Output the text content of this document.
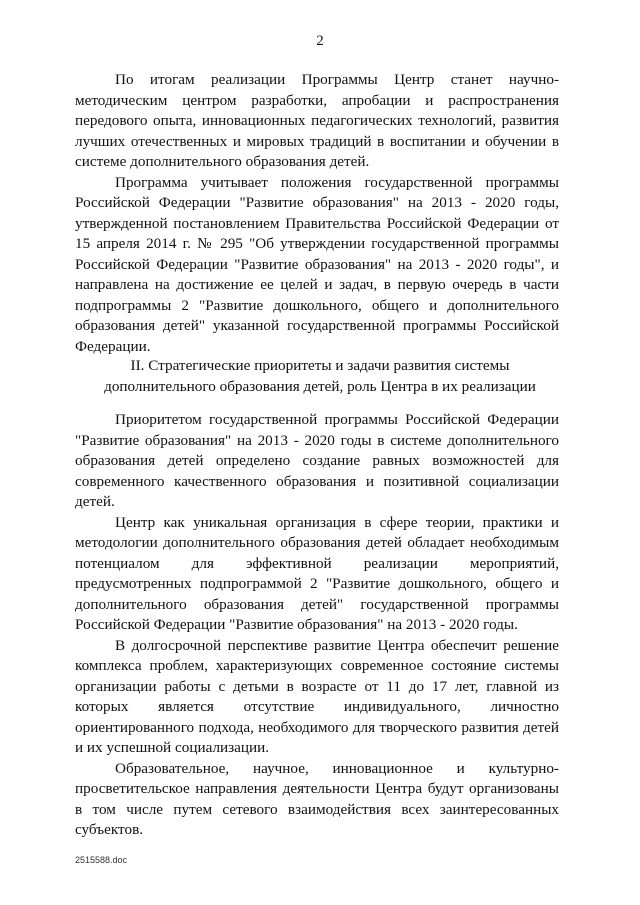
2

По итогам реализации Программы Центр станет научно-методическим центром разработки, апробации и распространения передового опыта, инновационных педагогических технологий, развития лучших отечественных и мировых традиций в воспитании и обучении в системе дополнительного образования детей.

Программа учитывает положения государственной программы Российской Федерации "Развитие образования" на 2013 - 2020 годы, утвержденной постановлением Правительства Российской Федерации от 15 апреля 2014 г. № 295 "Об утверждении государственной программы Российской Федерации "Развитие образования" на 2013 - 2020 годы", и направлена на достижение ее целей и задач, в первую очередь в части подпрограммы 2 "Развитие дошкольного, общего и дополнительного образования детей" указанной государственной программы Российской Федерации.

II. Стратегические приоритеты и задачи развития системы
дополнительного образования детей, роль Центра в их реализации

Приоритетом государственной программы Российской Федерации "Развитие образования" на 2013 - 2020 годы в системе дополнительного образования детей определено создание равных возможностей для современного качественного образования и позитивной социализации детей.

Центр как уникальная организация в сфере теории, практики и методологии дополнительного образования детей обладает необходимым потенциалом для эффективной реализации мероприятий, предусмотренных подпрограммой 2 "Развитие дошкольного, общего и дополнительного образования детей" государственной программы Российской Федерации "Развитие образования" на 2013 - 2020 годы.

В долгосрочной перспективе развитие Центра обеспечит решение комплекса проблем, характеризующих современное состояние системы организации работы с детьми в возрасте от 11 до 17 лет, главной из которых является отсутствие индивидуального, личностно ориентированного подхода, необходимого для творческого развития детей и их успешной социализации.

Образовательное, научное, инновационное и культурно-просветительское направления деятельности Центра будут организованы в том числе путем сетевого взаимодействия всех заинтересованных субъектов.

2515588.doc
